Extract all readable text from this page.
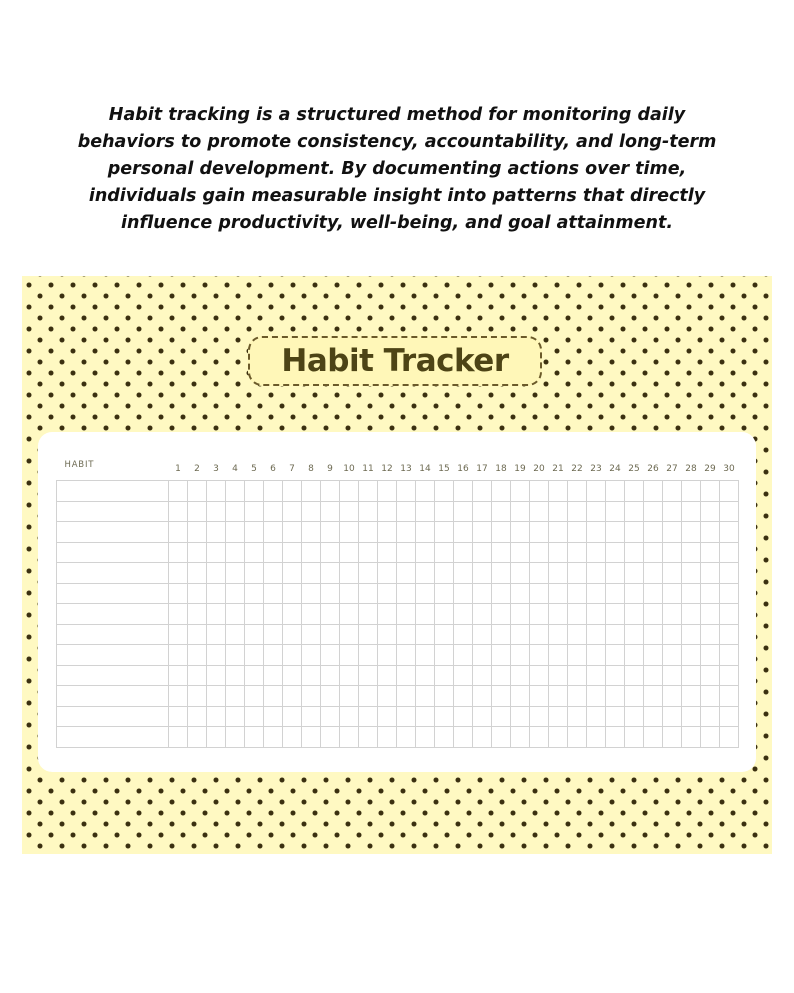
Habit tracking is a structured method for monitoring daily behaviors to promote consistency, accountability, and long-term personal development. By documenting actions over time, individuals gain measurable insight into patterns that directly influence productivity, well-being, and goal attainment.

Habit Tracker
HABIT	1	2	3	4	5	6	7	8	9	10	11	12	13	14	15	16	17	18	19	20	21	22	23	24	25	26	27	28	29	30
